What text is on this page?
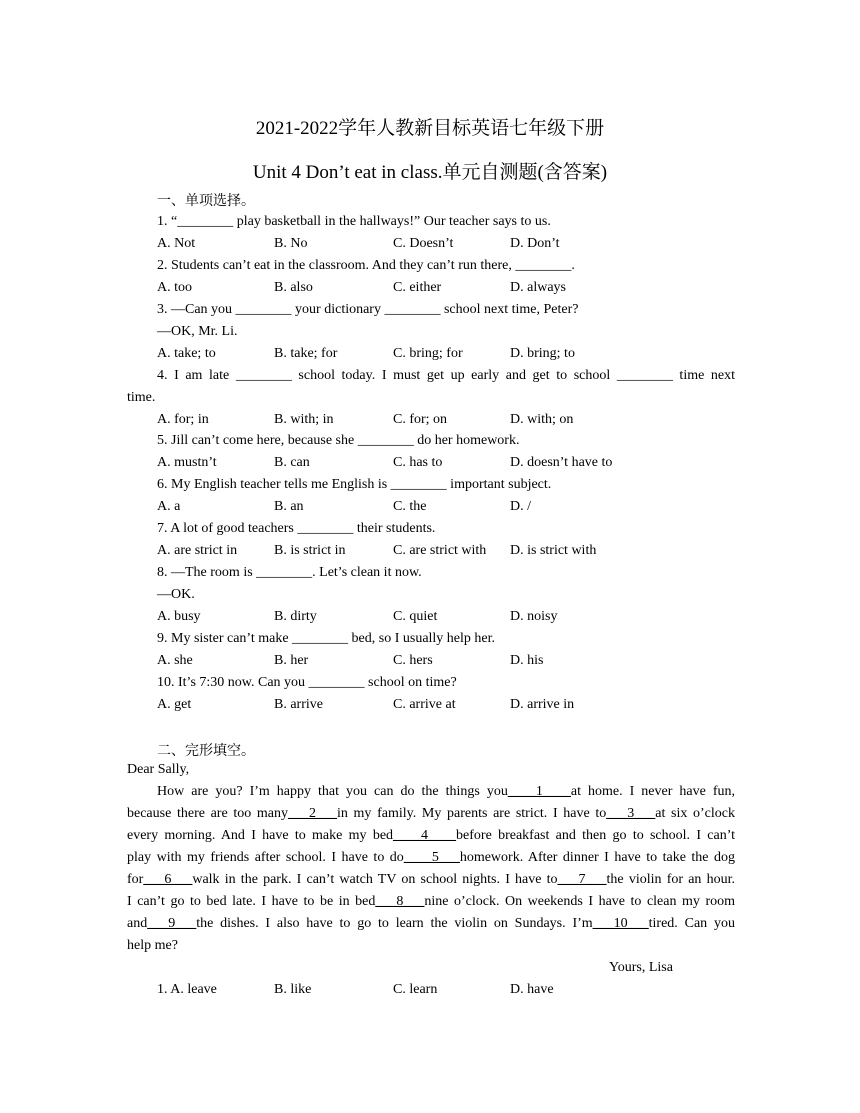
2021-2022学年人教新目标英语七年级下册
Unit 4 Don’t eat in class.单元自测题(含答案)
一、单项选择。
1. “________ play basketball in the hallways!” Our teacher says to us.
A. Not	B. No	C. Doesn’t	D. Don’t
2. Students can’t eat in the classroom. And they can’t run there, ________.
A. too	B. also	C. either	D. always
3. —Can you ________ your dictionary ________ school next time, Peter?
—OK, Mr. Li.
A. take; to	B. take; for	C. bring; for	D. bring; to
4. I am late ________ school today. I must get up early and get to school ________ time next
time.
A. for; in	B. with; in	C. for; on	D. with; on
5. Jill can’t come here, because she ________ do her homework.
A. mustn’t	B. can	C. has to	D. doesn’t have to
6. My English teacher tells me English is ________ important subject.
A. a	B. an	C. the	D. /
7. A lot of good teachers ________ their students.
A. are strict in	B. is strict in	C. are strict with D. is strict with
8. —The room is ________. Let’s clean it now.
—OK.
A. busy	B. dirty	C. quiet	D. noisy
9. My sister can’t make ________ bed, so I usually help her.
A. she	B. her	C. hers	D. his
10. It’s 7:30 now. Can you ________ school on time?
A. get	B. arrive	C. arrive at	D. arrive in
二、完形填空。
Dear Sally,
How are you? I’m happy that you can do the things you____1____at home. I never have fun,
because there are too many___2___in my family. My parents are strict. I have to___3___at six o’clock
every morning. And I have to make my bed____4____before breakfast and then go to school. I can’t
play with my friends after school. I have to do____5___homework. After dinner I have to take the dog
for___6___walk in the park. I can’t watch TV on school nights. I have to___7___the violin for an hour.
I can’t go to bed late. I have to be in bed___8___nine o’clock. On weekends I have to clean my room
and___9___the dishes. I also have to go to learn the violin on Sundays. I’m___10___tired. Can you
help me?
Yours, Lisa
1. A. leave	B. like	C. learn	D. have
